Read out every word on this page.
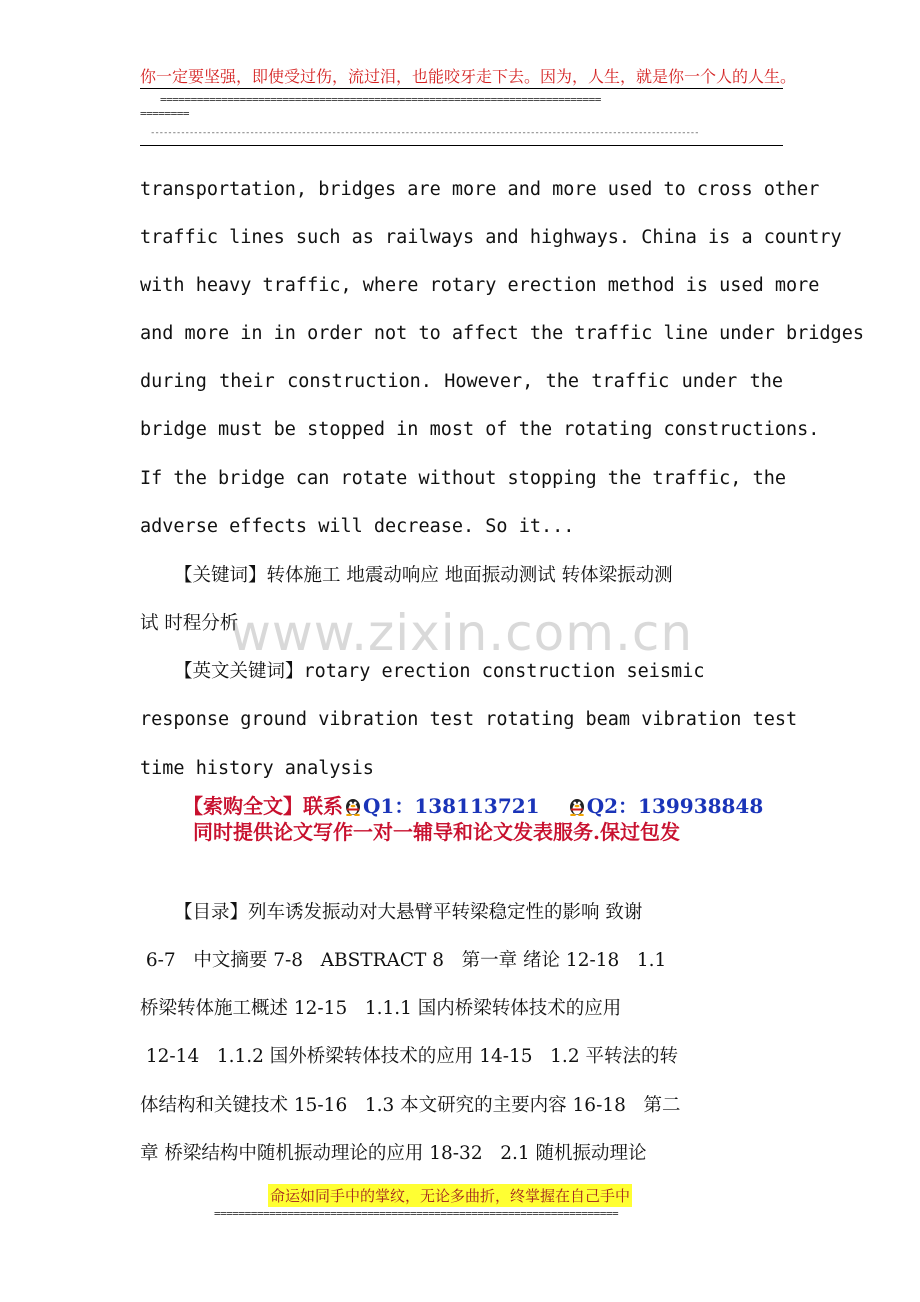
你一定要坚强，即使受过伤，流过泪，也能咬牙走下去。因为，人生，就是你一个人的人生。
========================================================================
========
-------------------------------------------------------------------------------------------------------------------------------
www.zixin.com.cn
transportation, bridges are more and more used to cross other
traffic lines such as railways and highways. China is a country
with heavy traffic, where rotary erection method is used more
and more in in order not to affect the traffic line under bridges
during their construction. However, the traffic under the
bridge must be stopped in most of the rotating constructions.
If the bridge can rotate without stopping the traffic, the
adverse effects will decrease. So it...
【关键词】转体施工 地震动响应 地面振动测试 转体梁振动测
试 时程分析
【英文关键词】rotary erection construction seismic
response ground vibration test rotating beam vibration test
time history analysis
【索购全文】联系 Q1：138113721 Q2：139938848
同时提供论文写作一对一辅导和论文发表服务.保过包发
【目录】列车诱发振动对大悬臂平转梁稳定性的影响 致谢
6-7   中文摘要 7-8   ABSTRACT 8   第一章 绪论 12-18   1.1
桥梁转体施工概述 12-15   1.1.1 国内桥梁转体技术的应用
12-14   1.1.2 国外桥梁转体技术的应用 14-15   1.2 平转法的转
体结构和关键技术 15-16   1.3 本文研究的主要内容 16-18   第二
章 桥梁结构中随机振动理论的应用 18-32   2.1 随机振动理论
命运如同手中的掌纹，无论多曲折，终掌握在自己手中
==================================================================
